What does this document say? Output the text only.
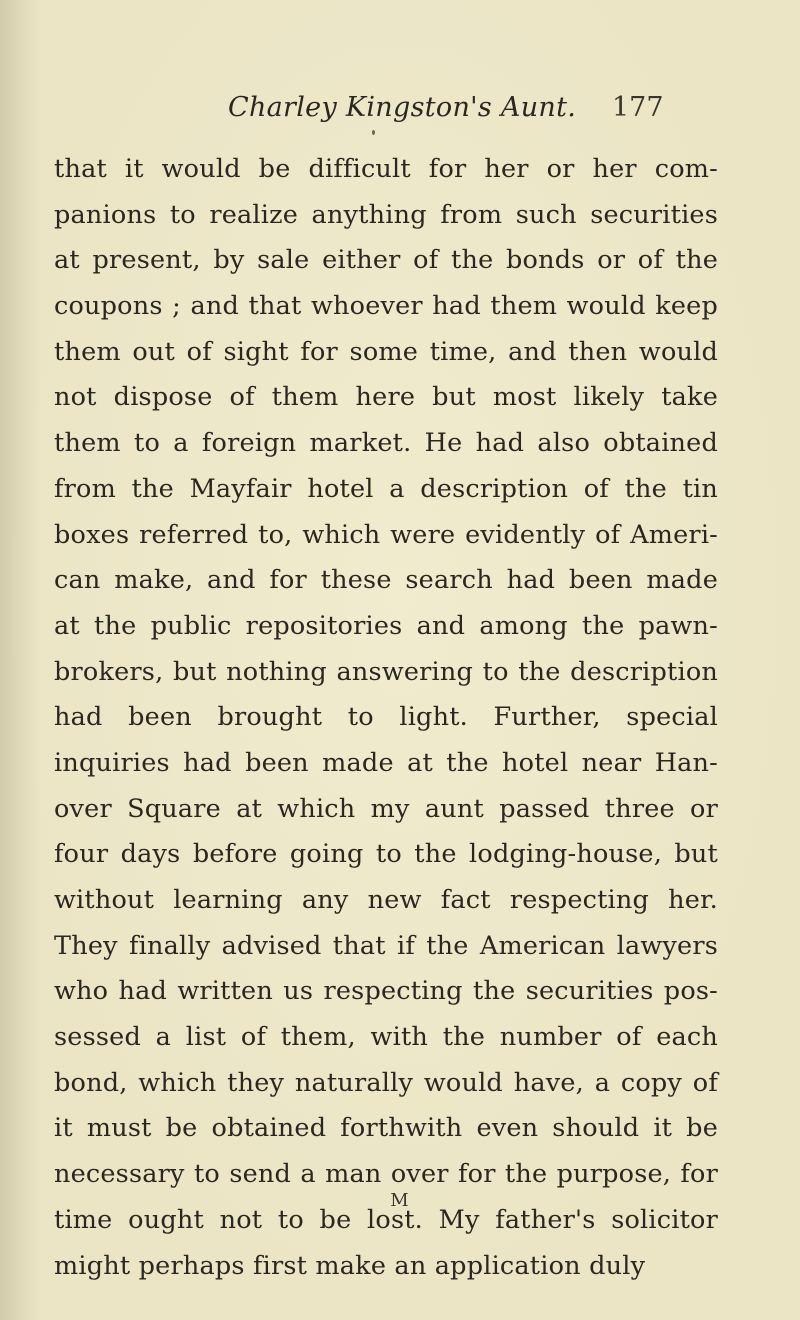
Charley Kingston's Aunt. 177
that it would be difficult for her or her com-
panions to realize anything from such securities
at present, by sale either of the bonds or of the
coupons ; and that whoever had them would keep
them out of sight for some time, and then would
not dispose of them here but most likely take
them to a foreign market. He had also obtained
from the Mayfair hotel a description of the tin
boxes referred to, which were evidently of Ameri-
can make, and for these search had been made
at the public repositories and among the pawn-
brokers, but nothing answering to the description
had been brought to light. Further, special
inquiries had been made at the hotel near Han-
over Square at which my aunt passed three or
four days before going to the lodging-house, but
without learning any new fact respecting her.
They finally advised that if the American lawyers
who had written us respecting the securities pos-
sessed a list of them, with the number of each
bond, which they naturally would have, a copy of
it must be obtained forthwith even should it be
necessary to send a man over for the purpose, for
time ought not to be lost. My father's solicitor
might perhaps first make an application duly
M
